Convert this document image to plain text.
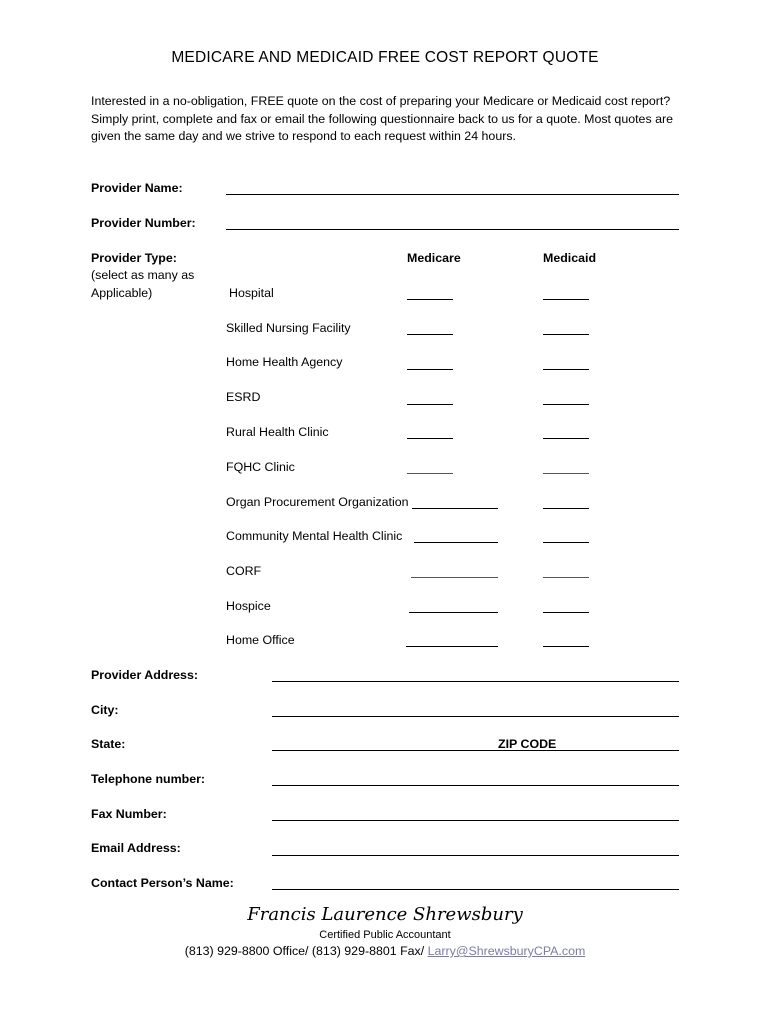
MEDICARE AND MEDICAID FREE COST REPORT QUOTE
Interested in a no-obligation, FREE quote on the cost of preparing your Medicare or Medicaid cost report? Simply print, complete and fax or email the following questionnaire back to us for a quote. Most quotes are given the same day and we strive to respond to each request within 24 hours.
Provider Name:
Provider Number:
Provider Type:
(select as many as
Applicable)
Medicare	Medicaid
Hospital
Skilled Nursing Facility
Home Health Agency
ESRD
Rural Health Clinic
FQHC Clinic
Organ Procurement Organization
Community Mental Health Clinic
CORF
Hospice
Home Office
Provider Address:
City:
State:	ZIP CODE
Telephone number:
Fax Number:
Email Address:
Contact Person’s Name:
Francis Laurence Shrewsbury
Certified Public Accountant
(813) 929-8800 Office/ (813) 929-8801 Fax/ Larry@ShrewsburyCPA.com
